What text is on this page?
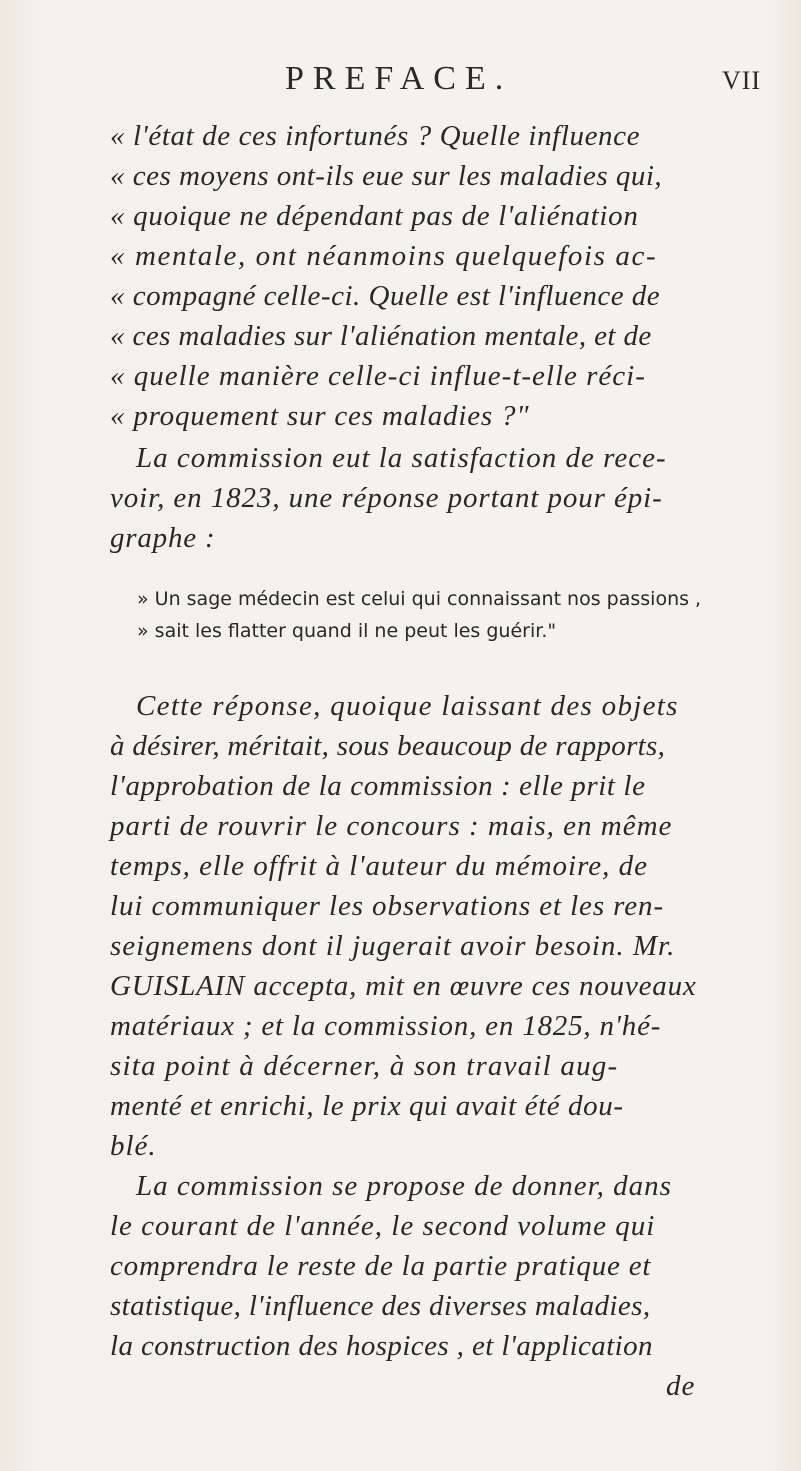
PREFACE.	VII
« l'état de ces infortunés ? Quelle influence
« ces moyens ont-ils eue sur les maladies qui,
« quoique ne dépendant pas de l'aliénation
« mentale, ont néanmoins quelquefois ac-
« compagné celle-ci. Quelle est l'influence de
« ces maladies sur l'aliénation mentale, et de
« quelle manière celle-ci influe-t-elle réci-
« proquement sur ces maladies ?"
La commission eut la satisfaction de rece-
voir, en 1823, une réponse portant pour épi-
graphe :
» Un sage médecin est celui qui connaissant nos passions ,
» sait les flatter quand il ne peut les guérir."
Cette réponse, quoique laissant des objets
à désirer, méritait, sous beaucoup de rapports,
l'approbation de la commission : elle prit le
parti de rouvrir le concours : mais, en même
temps, elle offrit à l'auteur du mémoire, de
lui communiquer les observations et les ren-
seignemens dont il jugerait avoir besoin. Mr.
GUISLAIN accepta, mit en œuvre ces nouveaux
matériaux ; et la commission, en 1825, n'hé-
sita point à décerner, à son travail aug-
menté et enrichi, le prix qui avait été dou-
blé.
La commission se propose de donner, dans
le courant de l'année, le second volume qui
comprendra le reste de la partie pratique et
statistique, l'influence des diverses maladies,
la construction des hospices , et l'application
de
